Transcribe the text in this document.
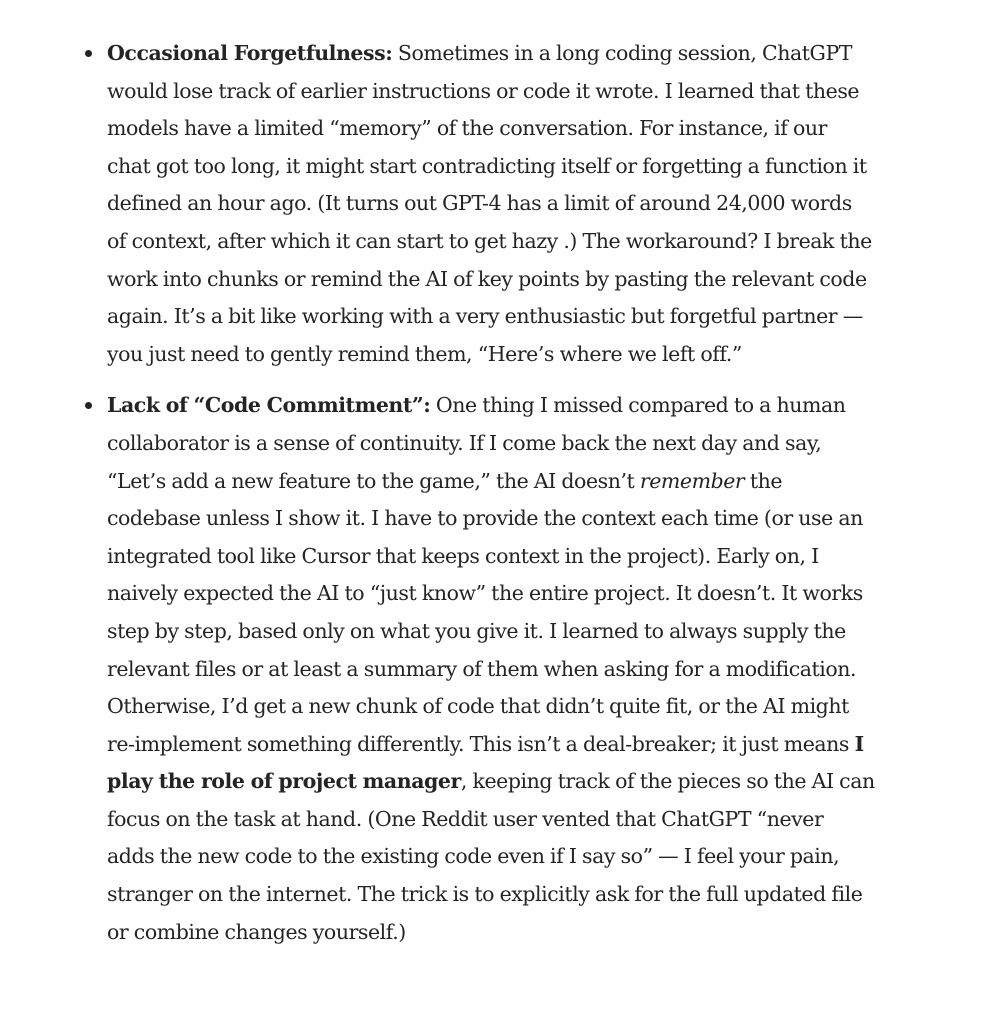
Occasional Forgetfulness: Sometimes in a long coding session, ChatGPT would lose track of earlier instructions or code it wrote. I learned that these models have a limited “memory” of the conversation. For instance, if our chat got too long, it might start contradicting itself or forgetting a function it defined an hour ago. (It turns out GPT-4 has a limit of around 24,000 words of context, after which it can start to get hazy .) The workaround? I break the work into chunks or remind the AI of key points by pasting the relevant code again. It’s a bit like working with a very enthusiastic but forgetful partner — you just need to gently remind them, “Here’s where we left off.”
Lack of “Code Commitment”: One thing I missed compared to a human collaborator is a sense of continuity. If I come back the next day and say, “Let’s add a new feature to the game,” the AI doesn’t remember the codebase unless I show it. I have to provide the context each time (or use an integrated tool like Cursor that keeps context in the project). Early on, I naively expected the AI to “just know” the entire project. It doesn’t. It works step by step, based only on what you give it. I learned to always supply the relevant files or at least a summary of them when asking for a modification. Otherwise, I’d get a new chunk of code that didn’t quite fit, or the AI might re-implement something differently. This isn’t a deal-breaker; it just means I play the role of project manager, keeping track of the pieces so the AI can focus on the task at hand. (One Reddit user vented that ChatGPT “never adds the new code to the existing code even if I say so” — I feel your pain, stranger on the internet. The trick is to explicitly ask for the full updated file or combine changes yourself.)
